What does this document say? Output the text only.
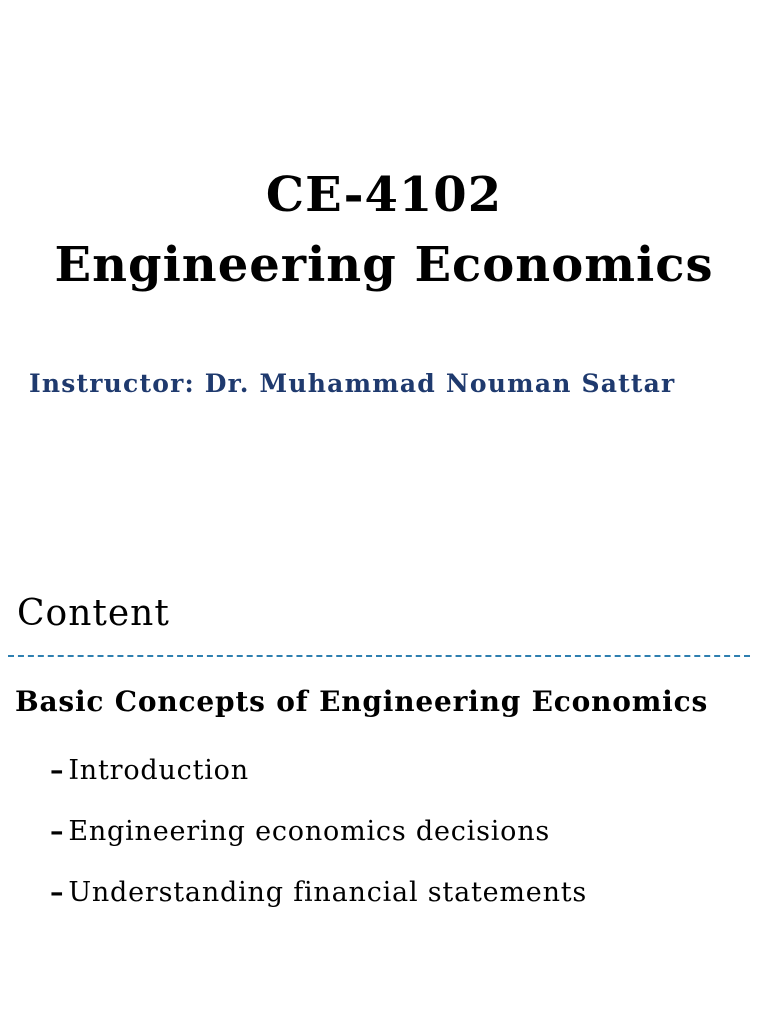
CE-4102
Engineering Economics
Instructor: Dr. Muhammad Nouman Sattar
Content
Basic Concepts of Engineering Economics
– Introduction
– Engineering economics decisions
– Understanding financial statements
